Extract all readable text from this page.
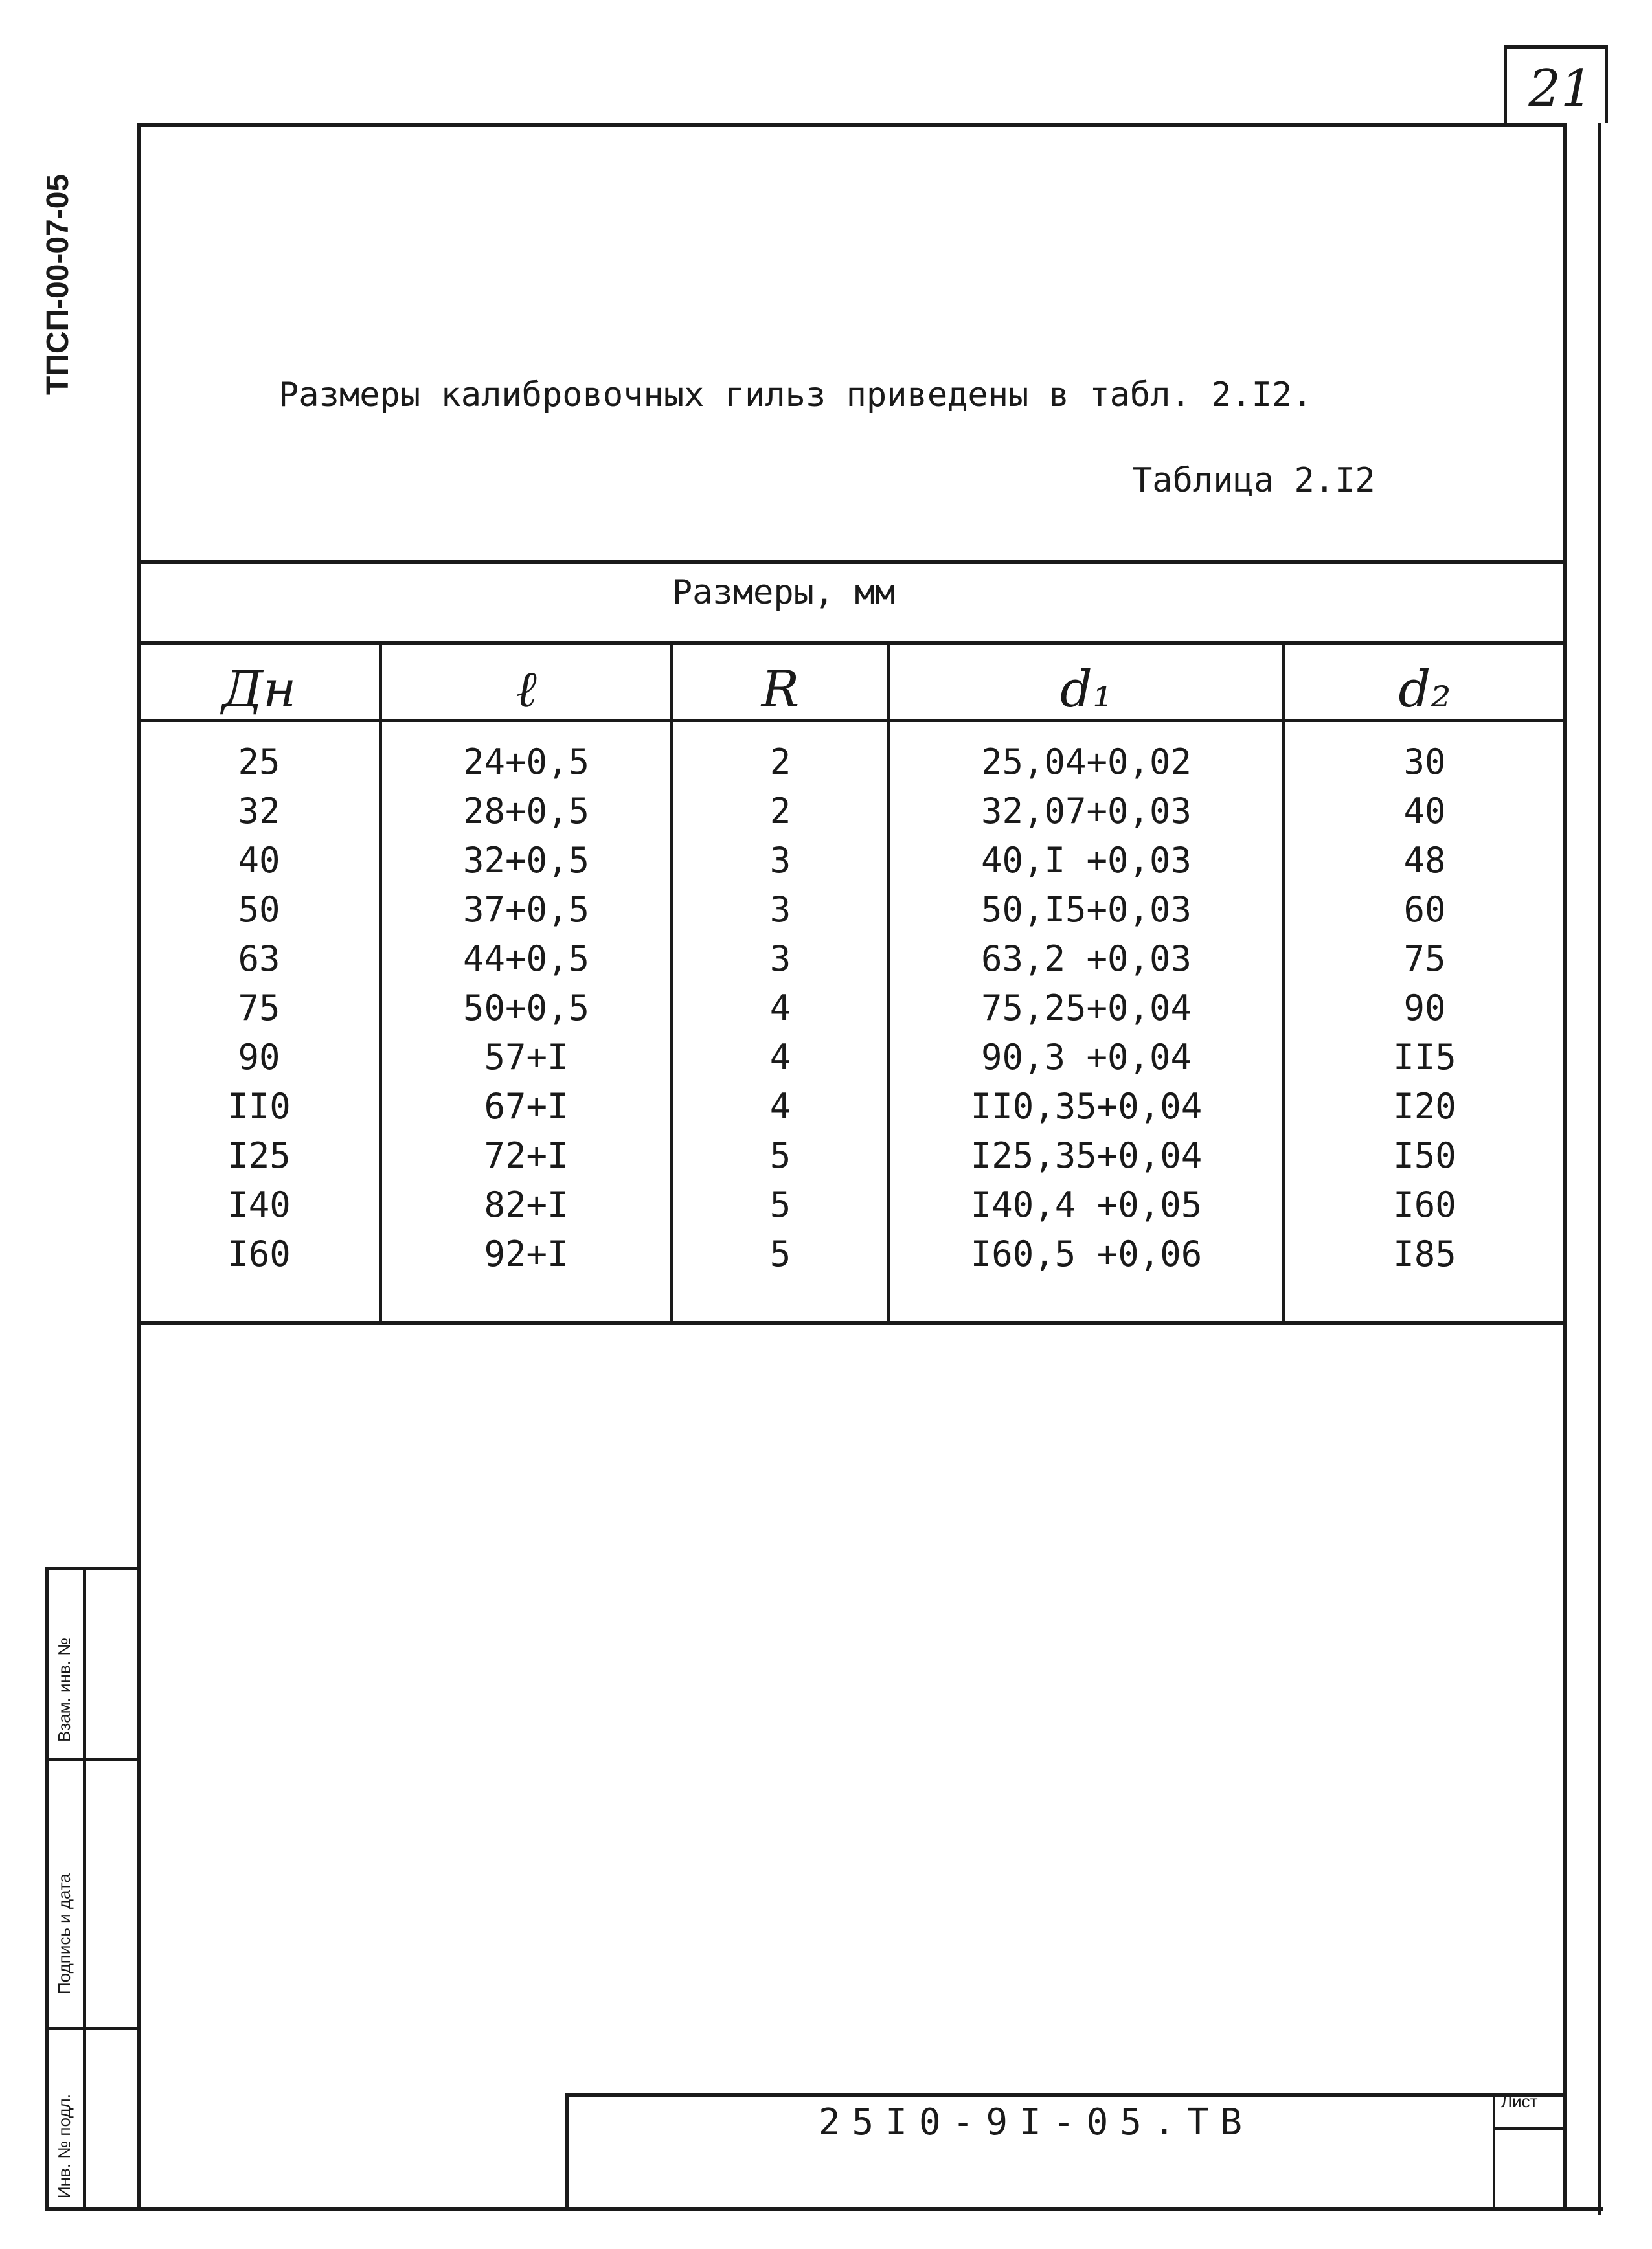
21
ТПСП-00-07-05	Размеры калибровочных гильз приведены в табл. 2.I2.
Таблица 2.I2
Размеры, мм
Дн	ℓ	R	d₁	d₂
25	24+0,5	2	25,04+0,02	30
32	28+0,5	2	32,07+0,03	40
40	32+0,5	3	40,I +0,03	48
50	37+0,5	3	50,I5+0,03	60
63	44+0,5	3	63,2 +0,03	75
75	50+0,5	4	75,25+0,04	90
90	57+I	4	90,3 +0,04	II5
II0	67+I	4	II0,35+0,04	I20
I25	72+I	5	I25,35+0,04	I50
I40	82+I	5	I40,4 +0,05	I60
I60	92+I	5	I60,5 +0,06	I85
Взам. инв. №
Подпись и дата
Инв. № подл.	25I0-9I-05.ТВ	Лист
